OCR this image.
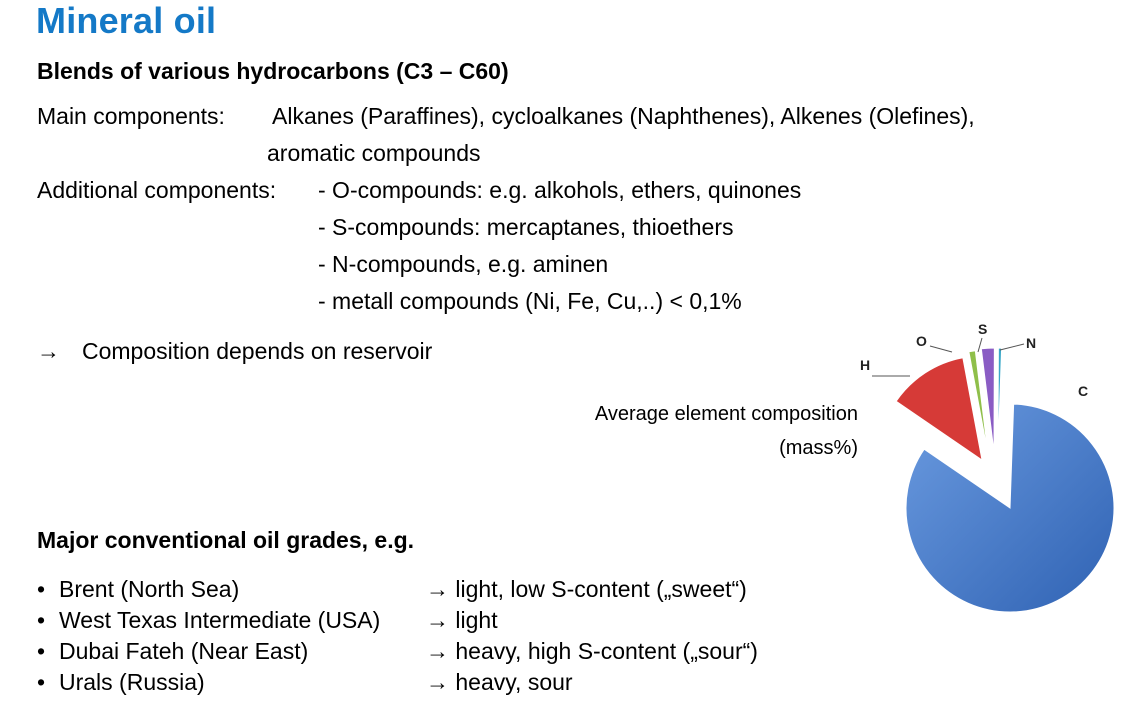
Mineral oil
Blends of various hydrocarbons (C3 – C60)
Main components: Alkanes (Paraffines), cycloalkanes (Naphthenes), Alkenes (Olefines),
aromatic compounds
Additional components: - O-compounds: e.g. alkohols, ethers, quinones
- S-compounds: mercaptanes, thioethers
- N-compounds, e.g. aminen
- metall compounds (Ni, Fe, Cu,..) < 0,1%
→ Composition depends on reservoir
Average element composition
(mass%)
C
H
O
S
N
Major conventional oil grades, e.g.
• Brent (North Sea)	→ light, low S-content („sweet“)
• West Texas Intermediate (USA) → light
• Dubai Fateh (Near East)	→ heavy, high S-content („sour“)
• Urals (Russia)	→ heavy, sour
